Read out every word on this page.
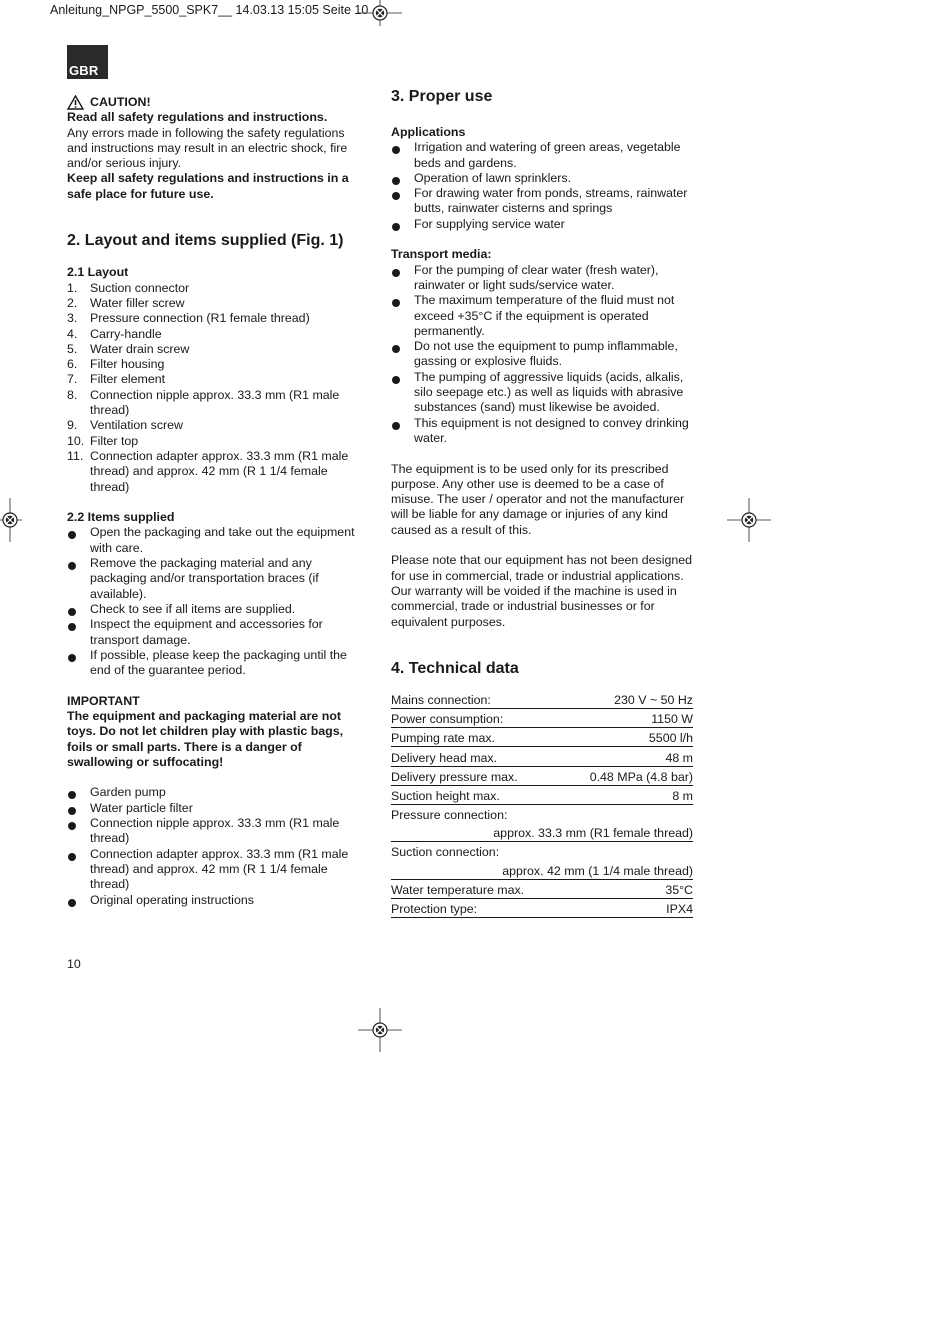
Anleitung_NPGP_5500_SPK7__ 14.03.13 15:05 Seite 10
GBR
CAUTION!

Read all safety regulations and instructions.

Any errors made in following the safety regulations and instructions may result in an electric shock, fire and/or serious injury.

Keep all safety regulations and instructions in a safe place for future use.

2. Layout and items supplied (Fig. 1)

2.1 Layout

1. Suction connector
2. Water filler screw
3. Pressure connection (R1 female thread)
4. Carry-handle
5. Water drain screw
6. Filter housing
7. Filter element
8. Connection nipple approx. 33.3 mm (R1 male thread)
9. Ventilation screw
10. Filter top
11. Connection adapter approx. 33.3 mm (R1 male thread) and approx. 42 mm (R 1 1/4 female thread)

2.2 Items supplied

Open the packaging and take out the equipment with care.
Remove the packaging material and any packaging and/or transportation braces (if available).
Check to see if all items are supplied.
Inspect the equipment and accessories for transport damage.
If possible, please keep the packaging until the end of the guarantee period.

IMPORTANT

The equipment and packaging material are not toys. Do not let children play with plastic bags, foils or small parts. There is a danger of swallowing or suffocating!

Garden pump
Water particle filter
Connection nipple approx. 33.3 mm (R1 male thread)
Connection adapter approx. 33.3 mm (R1 male thread) and approx. 42 mm (R 1 1/4 female thread)
Original operating instructions
3. Proper use

Applications

Irrigation and watering of green areas, vegetable beds and gardens.
Operation of lawn sprinklers.
For drawing water from ponds, streams, rainwater butts, rainwater cisterns and springs
For supplying service water

Transport media:

For the pumping of clear water (fresh water), rainwater or light suds/service water.
The maximum temperature of the fluid must not exceed +35°C if the equipment is operated permanently.
Do not use the equipment to pump inflammable, gassing or explosive fluids.
The pumping of aggressive liquids (acids, alkalis, silo seepage etc.) as well as liquids with abrasive substances (sand) must likewise be avoided.
This equipment is not designed to convey drinking water.

The equipment is to be used only for its prescribed purpose. Any other use is deemed to be a case of misuse. The user / operator and not the manufacturer will be liable for any damage or injuries of any kind caused as a result of this.

Please note that our equipment has not been designed for use in commercial, trade or industrial applications. Our warranty will be voided if the machine is used in commercial, trade or industrial businesses or for equivalent purposes.

4. Technical data
Mains connection:	230 V ~ 50 Hz
Power consumption:	1150 W
Pumping rate max.	5500 l/h
Delivery head max.	48 m
Delivery pressure max.	0.48 MPa (4.8 bar)
Suction height max.	8 m
Pressure connection:	
approx. 33.3 mm (R1 female thread)	
Suction connection:	
approx. 42 mm (1 1/4 male thread)	
Water temperature max.	35°C
Protection type:	IPX4
10
